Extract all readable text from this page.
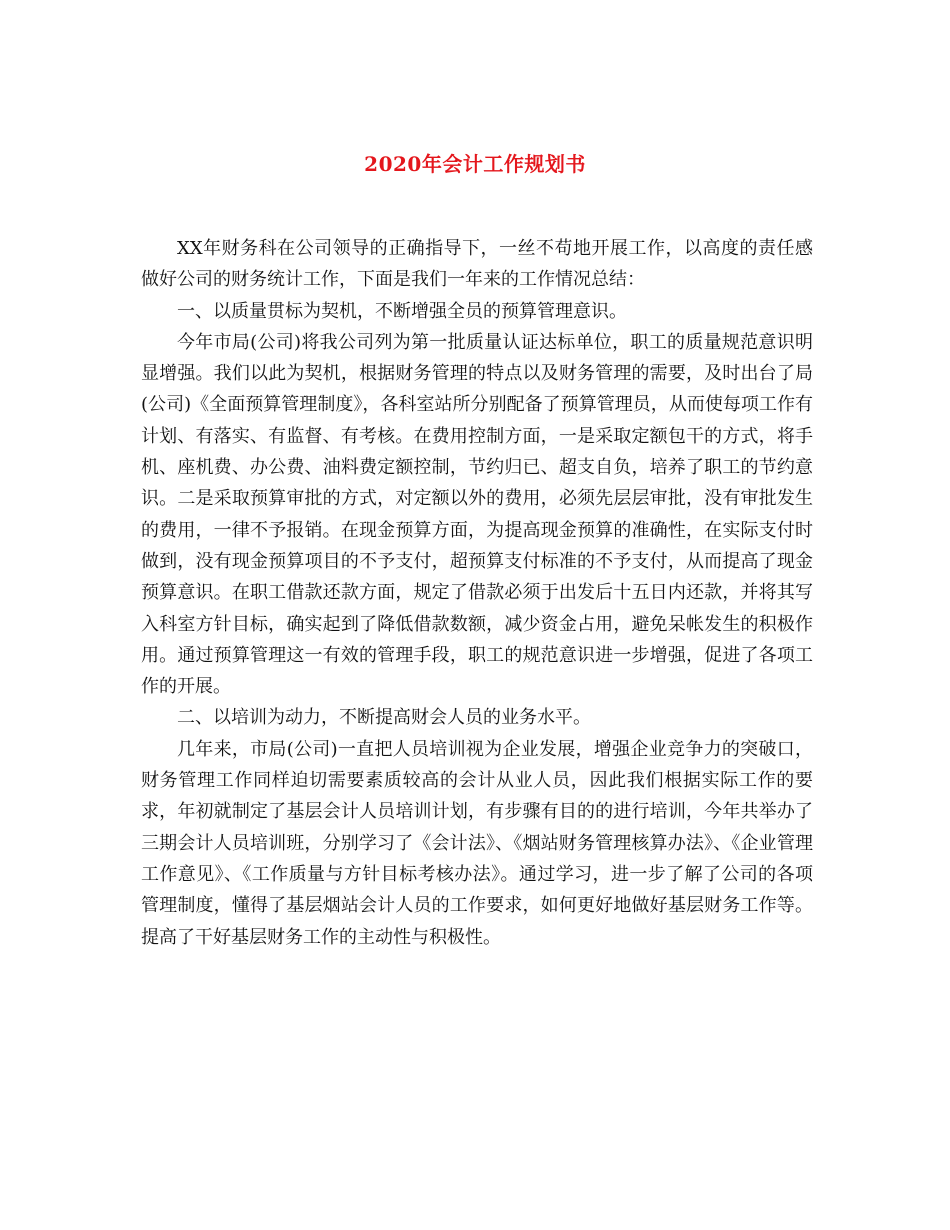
2020年会计工作规划书

XX年财务科在公司领导的正确指导下，一丝不苟地开展工作，以高度的责任感做好公司的财务统计工作，下面是我们一年来的工作情况总结：

一、以质量贯标为契机，不断增强全员的预算管理意识。

今年市局(公司)将我公司列为第一批质量认证达标单位，职工的质量规范意识明显增强。我们以此为契机，根据财务管理的特点以及财务管理的需要，及时出台了局(公司)《全面预算管理制度》，各科室站所分别配备了预算管理员，从而使每项工作有计划、有落实、有监督、有考核。在费用控制方面，一是采取定额包干的方式，将手机、座机费、办公费、油料费定额控制，节约归已、超支自负，培养了职工的节约意识。二是采取预算审批的方式，对定额以外的费用，必须先层层审批，没有审批发生的费用，一律不予报销。在现金预算方面，为提高现金预算的准确性，在实际支付时做到，没有现金预算项目的不予支付，超预算支付标准的不予支付，从而提高了现金预算意识。在职工借款还款方面，规定了借款必须于出发后十五日内还款，并将其写入科室方针目标，确实起到了降低借款数额，减少资金占用，避免呆帐发生的积极作用。通过预算管理这一有效的管理手段，职工的规范意识进一步增强，促进了各项工作的开展。

二、以培训为动力，不断提高财会人员的业务水平。

几年来，市局(公司)一直把人员培训视为企业发展，增强企业竞争力的突破口，财务管理工作同样迫切需要素质较高的会计从业人员，因此我们根据实际工作的要求，年初就制定了基层会计人员培训计划，有步骤有目的的进行培训，今年共举办了三期会计人员培训班，分别学习了《会计法》、《烟站财务管理核算办法》、《企业管理工作意见》、《工作质量与方针目标考核办法》。通过学习，进一步了解了公司的各项管理制度，懂得了基层烟站会计人员的工作要求，如何更好地做好基层财务工作等。提高了干好基层财务工作的主动性与积极性。
